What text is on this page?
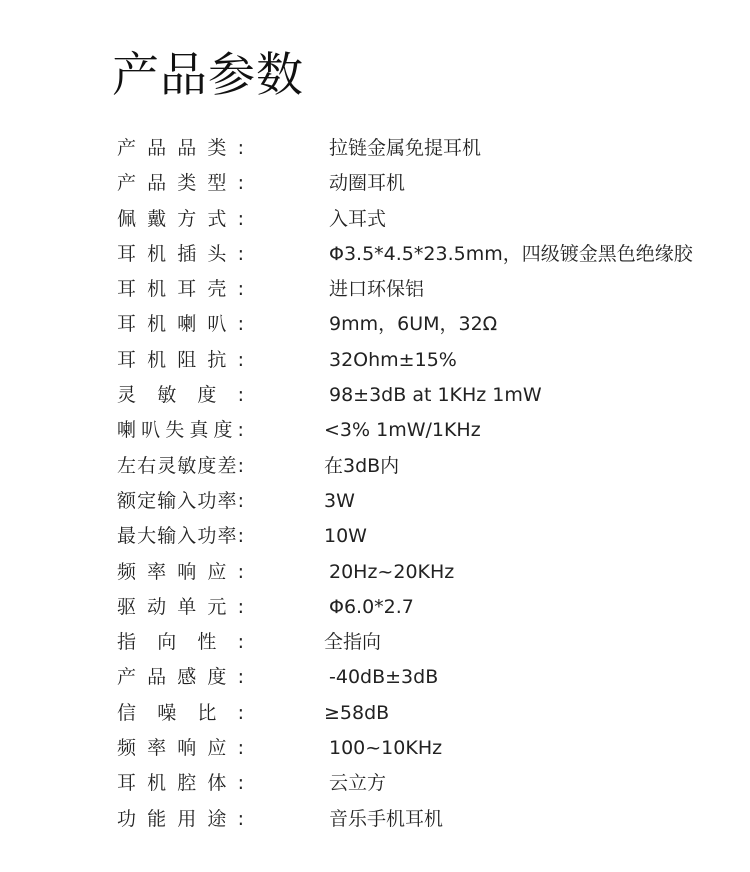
产品参数
产 品 品 类 :	拉链金属免提耳机
产 品 类 型 :	动圈耳机
佩 戴 方 式 :	入耳式
耳 机 插 头 :	Φ3.5*4.5*23.5mm，四级镀金黑色绝缘胶
耳 机 耳 壳 :	进口环保铝
耳 机 喇 叭 :	9mm，6UM，32Ω
耳 机 阻 抗 :	32Ohm±15%
灵 敏 度 :	98±3dB at 1KHz 1mW
喇 叭 失 真 度 :	<3% 1mW/1KHz
左 右 灵 敏 度 差 :	在3dB内
额 定 输 入 功 率 :	3W
最 大 输 入 功 率 :	10W
频 率 响 应 :	20Hz~20KHz
驱 动 单 元 :	Φ6.0*2.7
指 向 性 :	全指向
产 品 感 度 :	-40dB±3dB
信 噪 比 :	≥58dB
频 率 响 应 :	100~10KHz
耳 机 腔 体 :	云立方
功 能 用 途 :	音乐手机耳机
